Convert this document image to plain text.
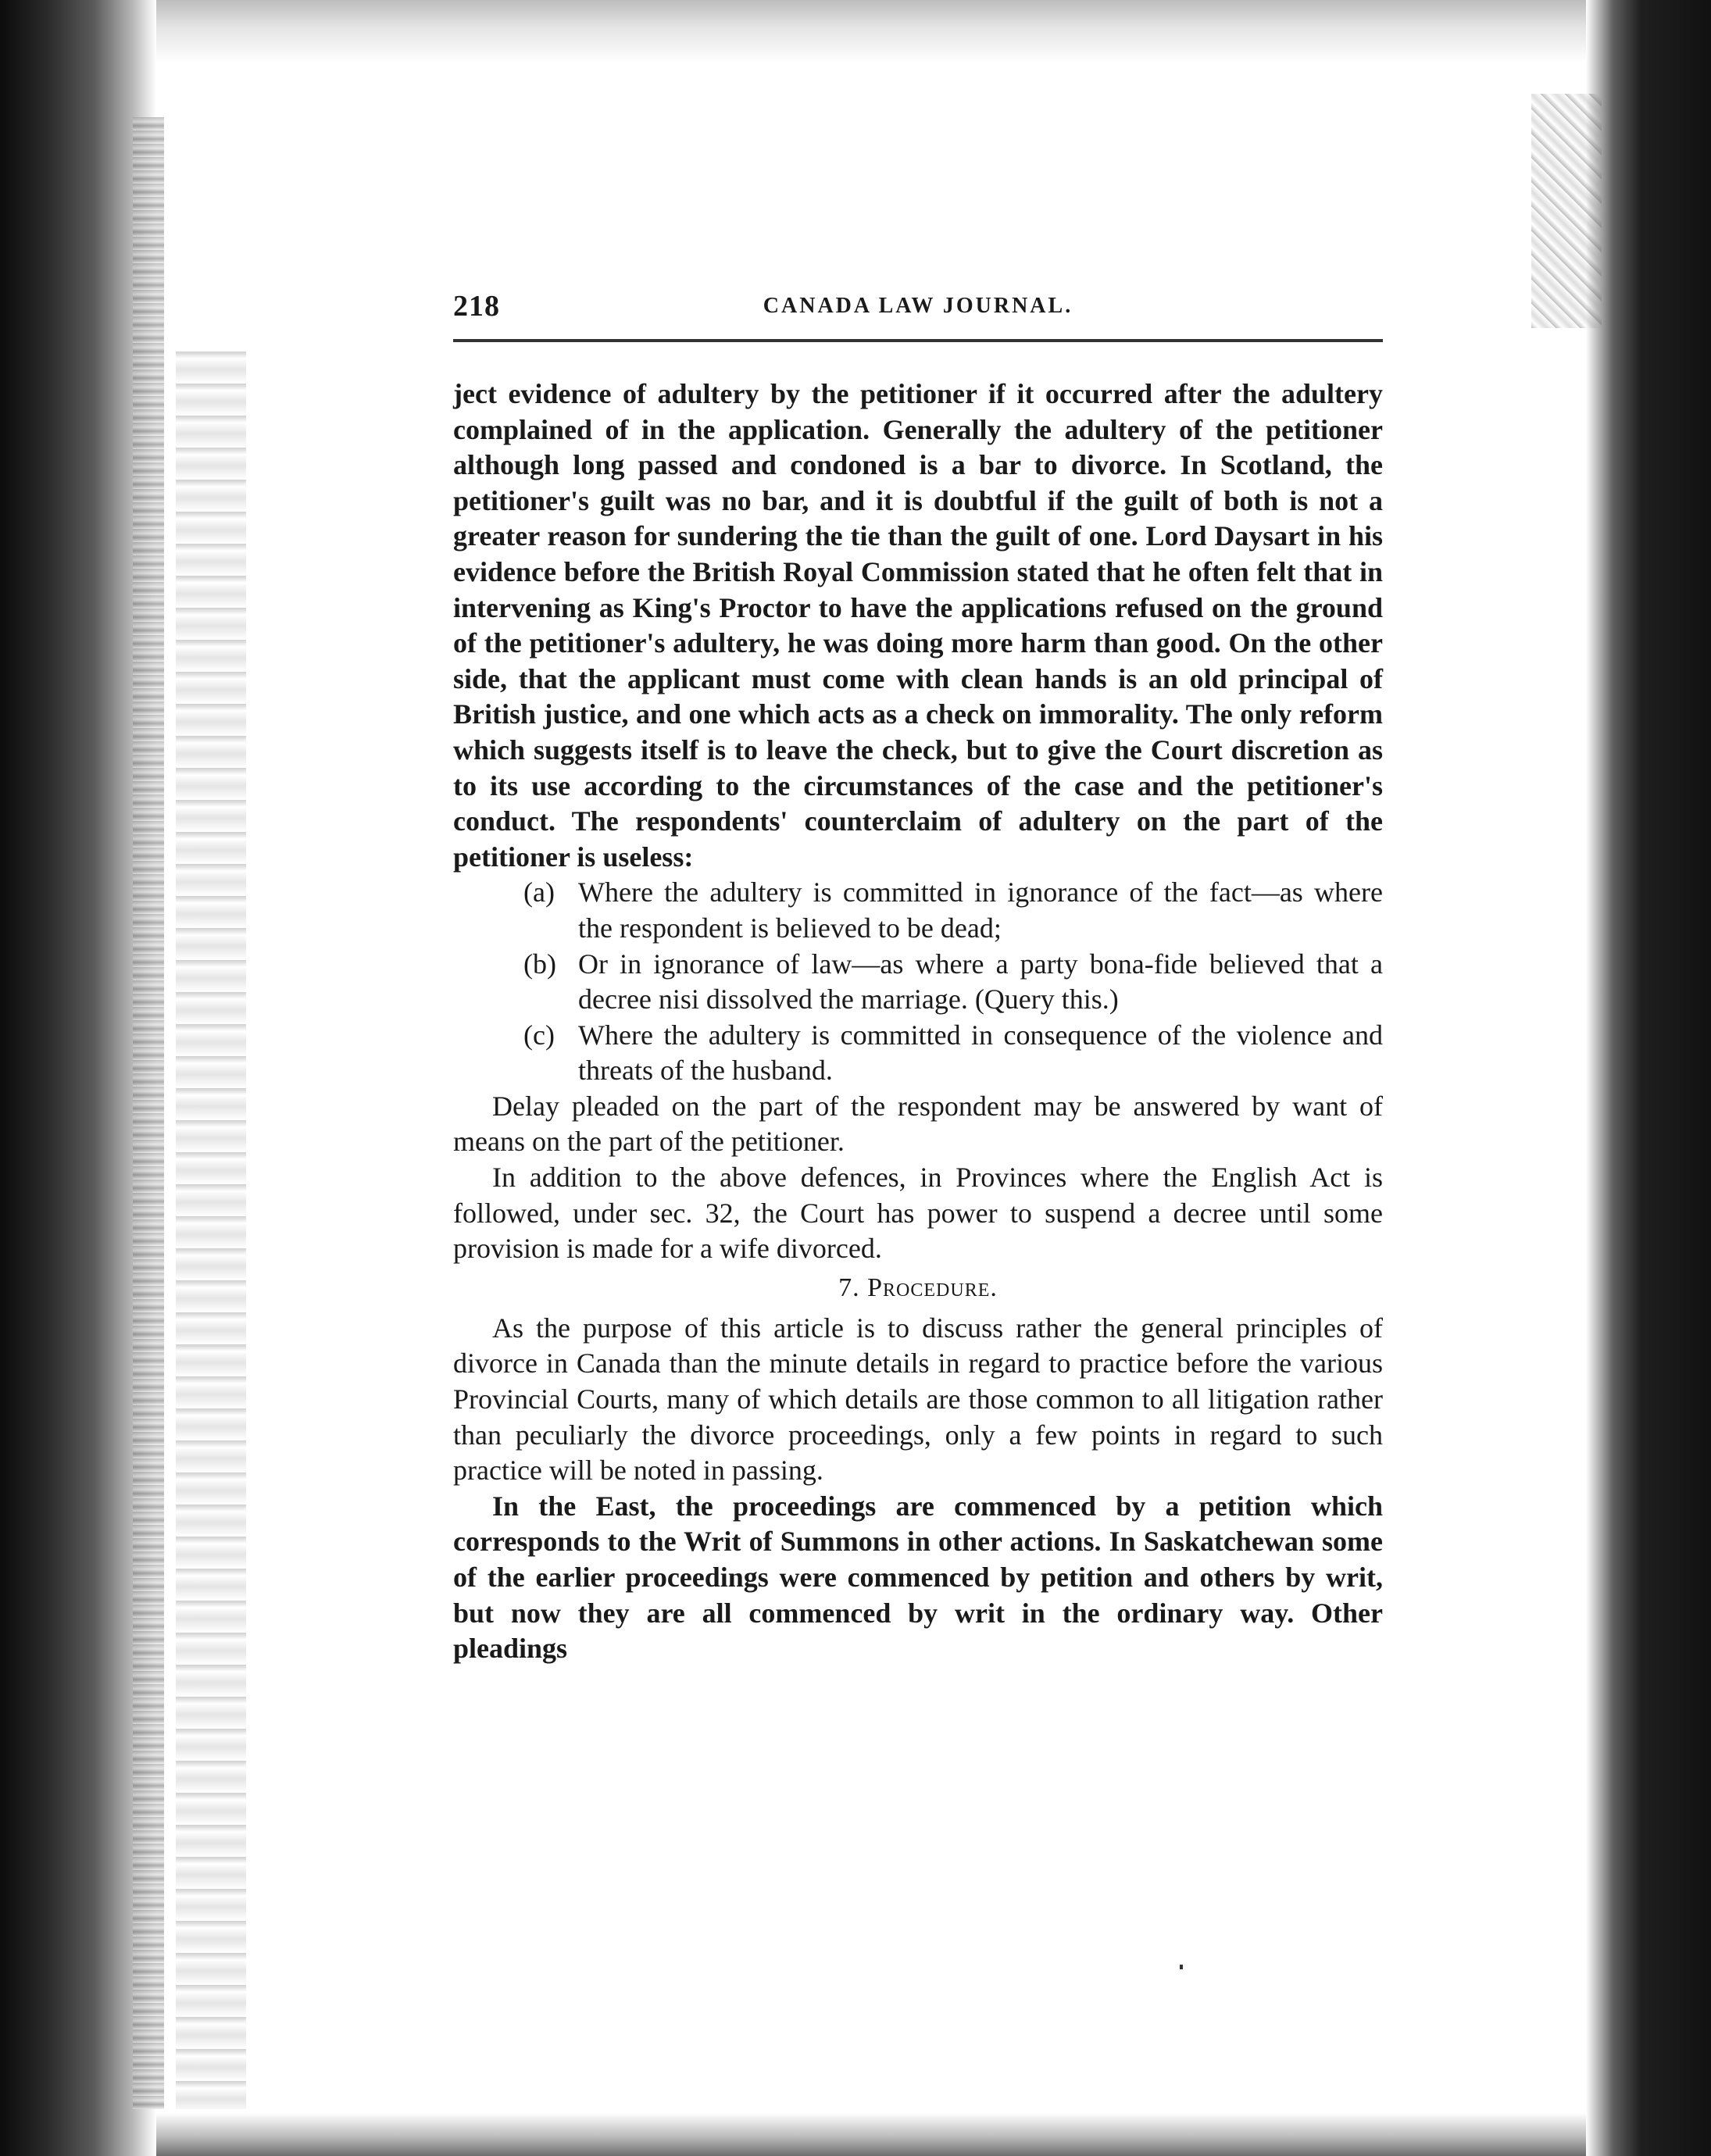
218	CANADA LAW JOURNAL.

ject evidence of adultery by the petitioner if it occurred after the adultery complained of in the application. Generally the adultery of the petitioner although long passed and condoned is a bar to divorce. In Scotland, the petitioner's guilt was no bar, and it is doubtful if the guilt of both is not a greater reason for sundering the tie than the guilt of one. Lord Daysart in his evidence before the British Royal Commission stated that he often felt that in intervening as King's Proctor to have the applications refused on the ground of the petitioner's adultery, he was doing more harm than good. On the other side, that the applicant must come with clean hands is an old principal of British justice, and one which acts as a check on immorality. The only reform which suggests itself is to leave the check, but to give the Court discretion as to its use according to the circumstances of the case and the petitioner's conduct. The respondents' counterclaim of adultery on the part of the petitioner is useless:

(a) Where the adultery is committed in ignorance of the fact—as where the respondent is believed to be dead;
(b) Or in ignorance of law—as where a party bona-fide believed that a decree nisi dissolved the marriage. (Query this.)
(c) Where the adultery is committed in consequence of the violence and threats of the husband.

Delay pleaded on the part of the respondent may be answered by want of means on the part of the petitioner.

In addition to the above defences, in Provinces where the English Act is followed, under sec. 32, the Court has power to suspend a decree until some provision is made for a wife divorced.

7. Procedure.

As the purpose of this article is to discuss rather the general principles of divorce in Canada than the minute details in regard to practice before the various Provincial Courts, many of which details are those common to all litigation rather than peculiarly the divorce proceedings, only a few points in regard to such practice will be noted in passing.

In the East, the proceedings are commenced by a petition which corresponds to the Writ of Summons in other actions. In Saskatchewan some of the earlier proceedings were commenced by petition and others by writ, but now they are all commenced by writ in the ordinary way. Other pleadings
